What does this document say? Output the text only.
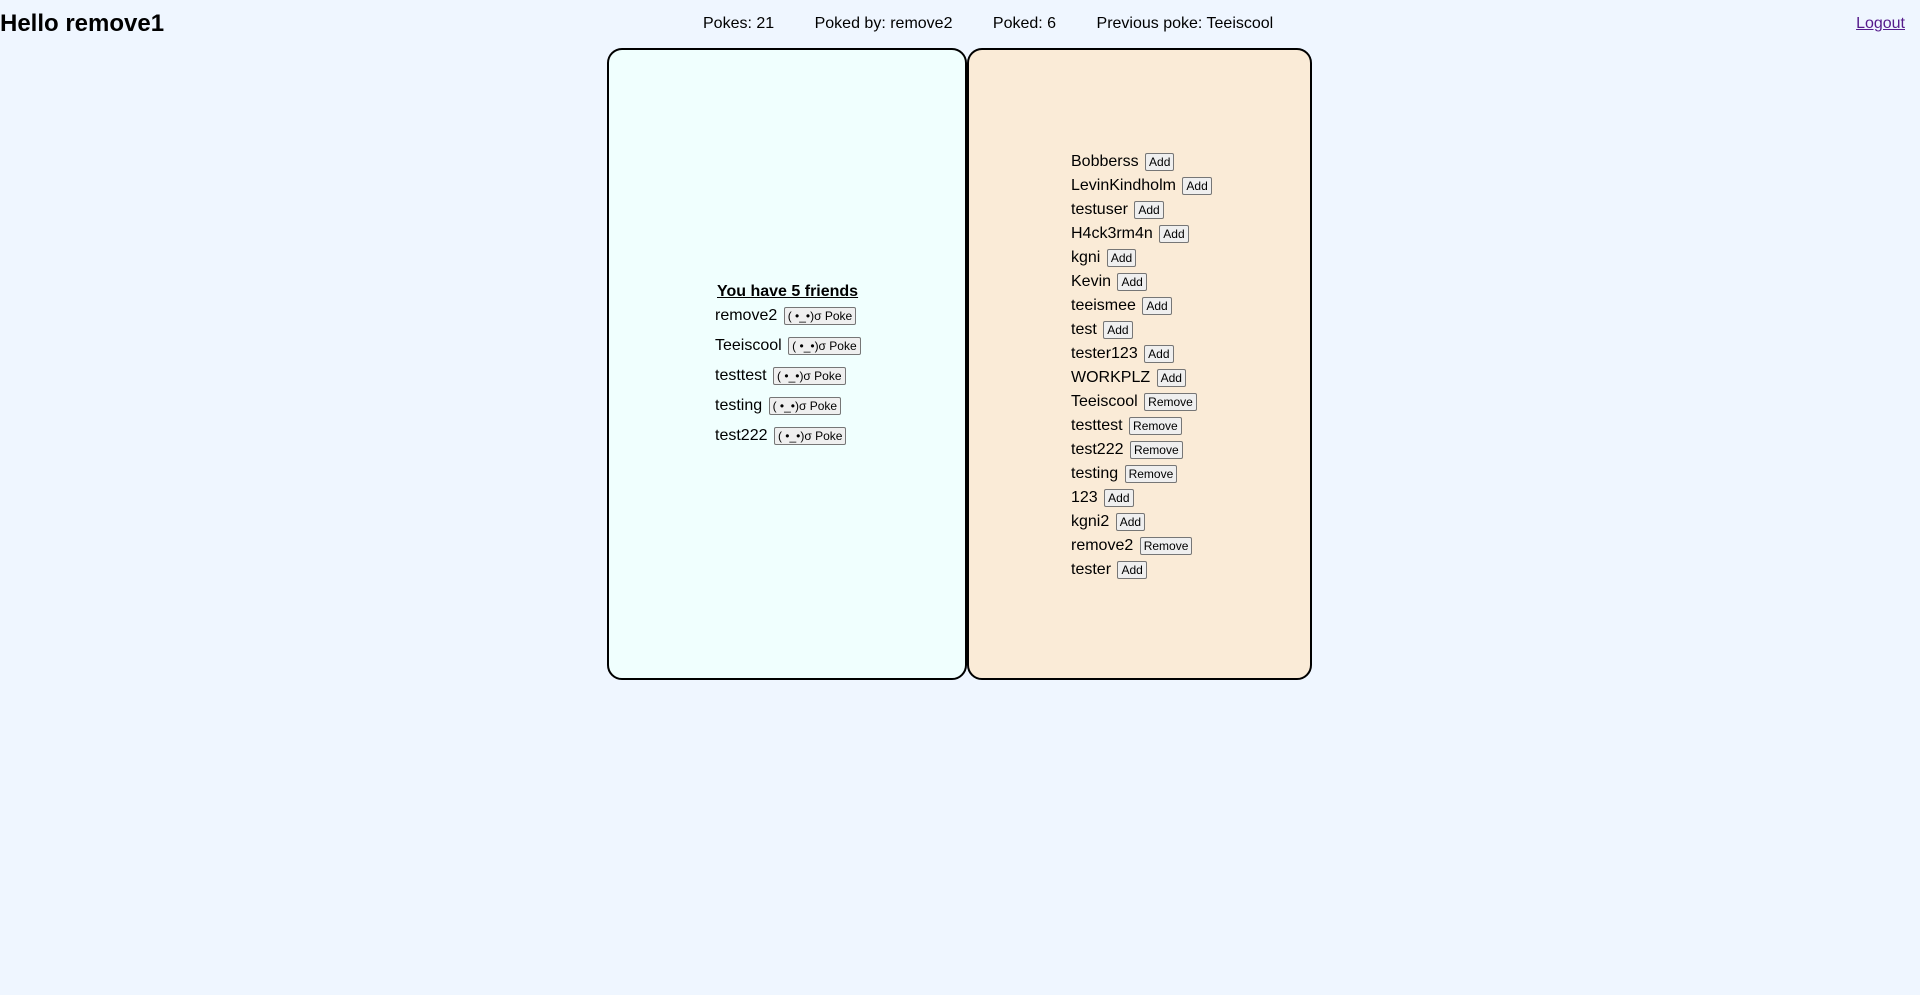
Hello remove1	Pokes: 21	Poked by: remove2	Poked: 6	Previous poke: Teeiscool	Logout
You have 5 friends
remove2 ( •_•)σ Poke
Teeiscool ( •_•)σ Poke
testtest ( •_•)σ Poke
testing ( •_•)σ Poke
test222 ( •_•)σ Poke
Bobberss Add
LevinKindholm Add
testuser Add
H4ck3rm4n Add
kgni Add
Kevin Add
teeismee Add
test Add
tester123 Add
WORKPLZ Add
Teeiscool Remove
testtest Remove
test222 Remove
testing Remove
123 Add
kgni2 Add
remove2 Remove
tester Add
